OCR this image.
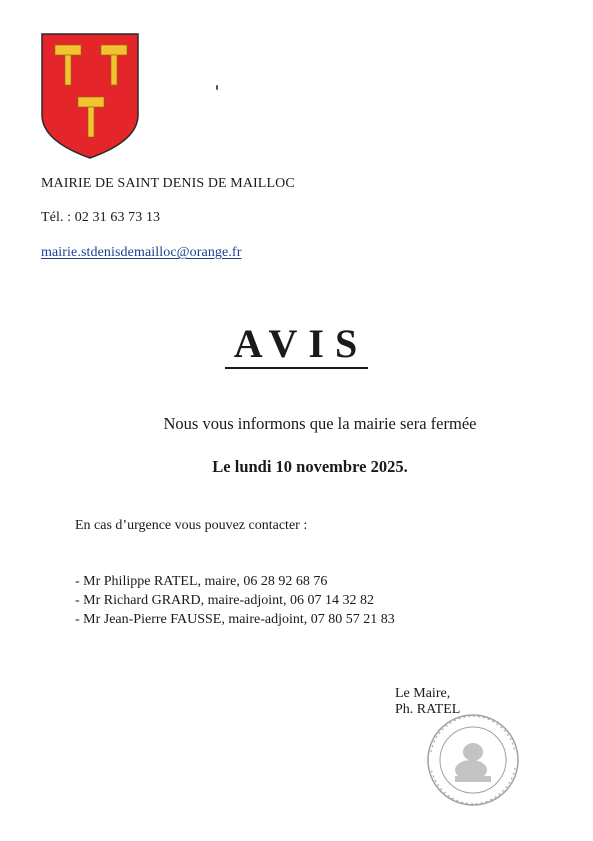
MAIRIE DE SAINT DENIS DE MAILLOC
Tél. : 02 31 63 73 13
mairie.stdenisdemailloc@orange.fr
AVIS
Nous vous informons que la mairie sera fermée
Le lundi 10 novembre 2025.
En cas d’urgence vous pouvez contacter :
- Mr Philippe RATEL, maire, 06 28 92 68 76
- Mr Richard GRARD, maire-adjoint, 06 07 14 32 82
- Mr Jean-Pierre FAUSSE, maire-adjoint, 07 80 57 21 83
Le Maire,
Ph. RATEL
